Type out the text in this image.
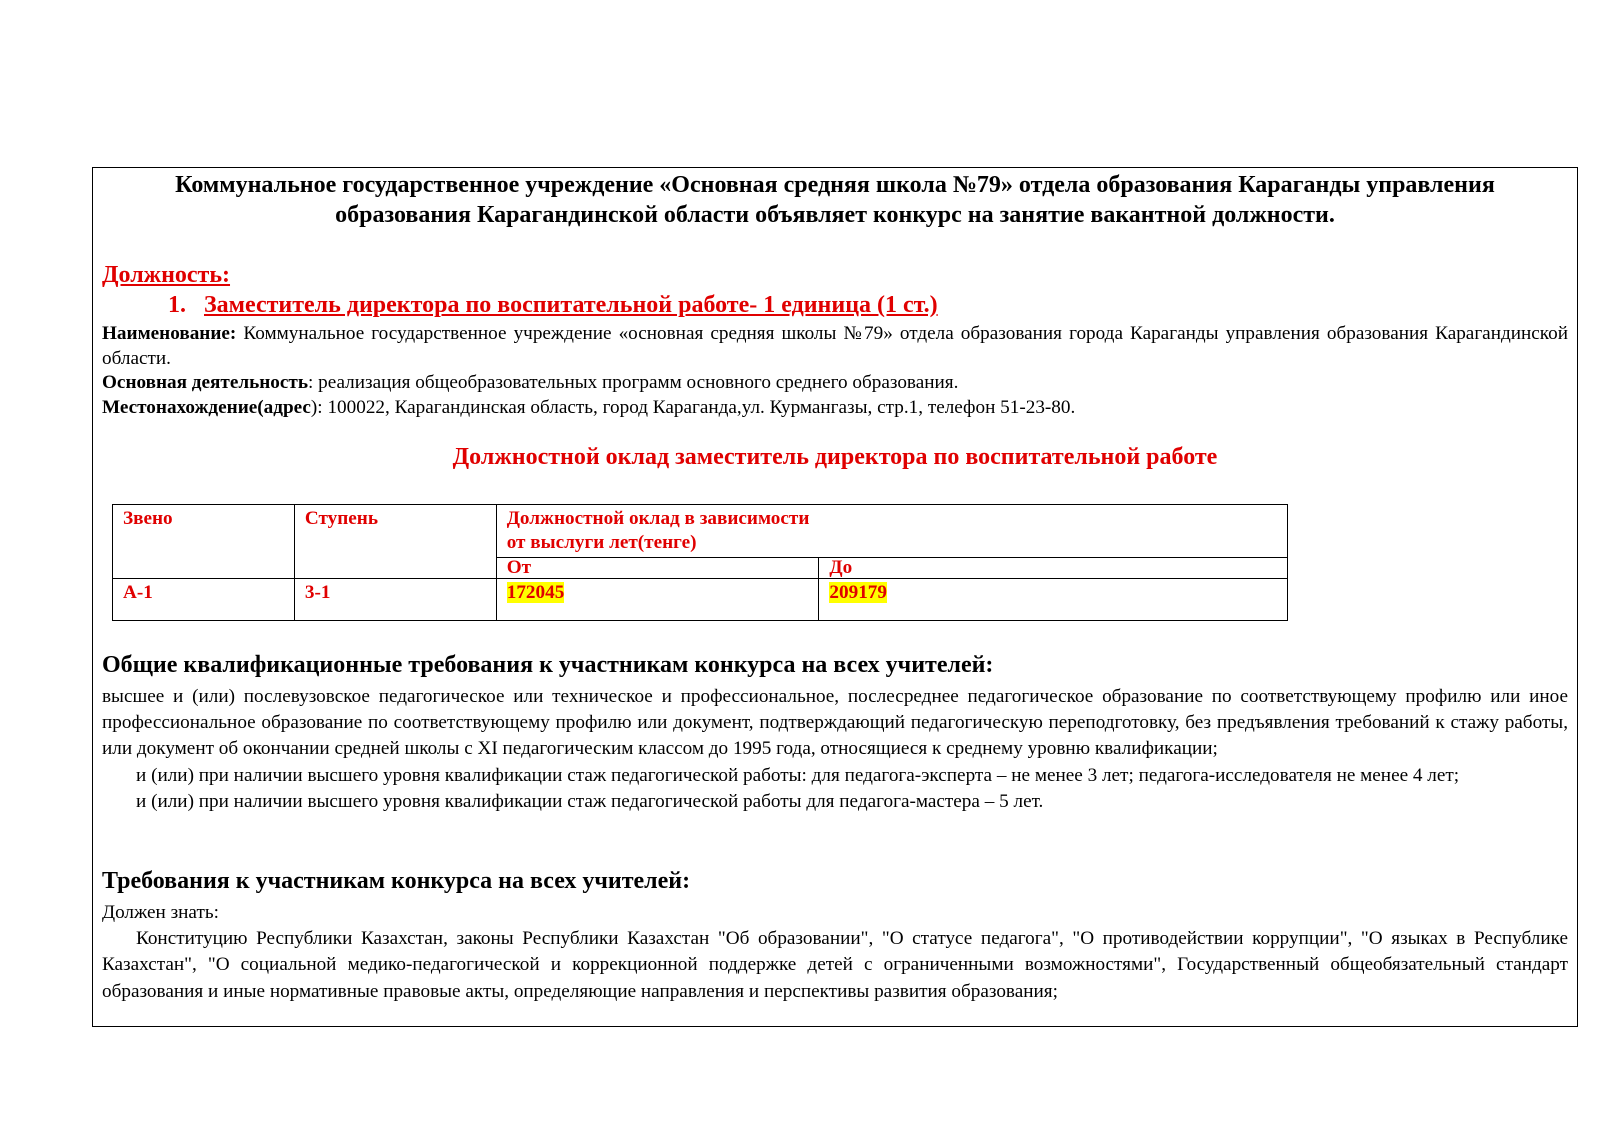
Коммунальное государственное учреждение «Основная средняя школа №79» отдела образования Караганды управления образования Карагандинской области объявляет конкурс на занятие вакантной должности.
Должность:
1. Заместитель директора по воспитательной работе- 1 единица (1 ст.)

Наименование: Коммунальное государственное учреждение «основная средняя школы №79» отдела образования города Караганды управления образования Карагандинской области.

Основная деятельность: реализация общеобразовательных программ основного среднего образования.

Местонахождение(адрес): 100022, Карагандинская область, город Караганда,ул. Курмангазы, стр.1, телефон 51-23-80.

Должностной оклад заместитель директора по воспитательной работе
Звено	Ступень	Должностной оклад в зависимости
от выслуги лет(тенге)	

		От	До
А-1	3-1	172045	209179
Общие квалификационные требования к участникам конкурса на всех учителей:

высшее и (или) послевузовское педагогическое или техническое и профессиональное, послесреднее педагогическое образование по соответствующему профилю или иное профессиональное образование по соответствующему профилю или документ, подтверждающий педагогическую переподготовку, без предъявления требований к стажу работы, или документ об окончании средней школы с XI педагогическим классом до 1995 года, относящиеся к среднему уровню квалификации;

и (или) при наличии высшего уровня квалификации стаж педагогической работы: для педагога-эксперта – не менее 3 лет; педагога-исследователя не менее 4 лет;

и (или) при наличии высшего уровня квалификации стаж педагогической работы для педагога-мастера – 5 лет.

Требования к участникам конкурса на всех учителей:

Должен знать:

Конституцию Республики Казахстан, законы Республики Казахстан "Об образовании", "О статусе педагога", "О противодействии коррупции", "О языках в Республике Казахстан", "О социальной медико-педагогической и коррекционной поддержке детей с ограниченными возможностями", Государственный общеобязательный стандарт образования и иные нормативные правовые акты, определяющие направления и перспективы развития образования;
